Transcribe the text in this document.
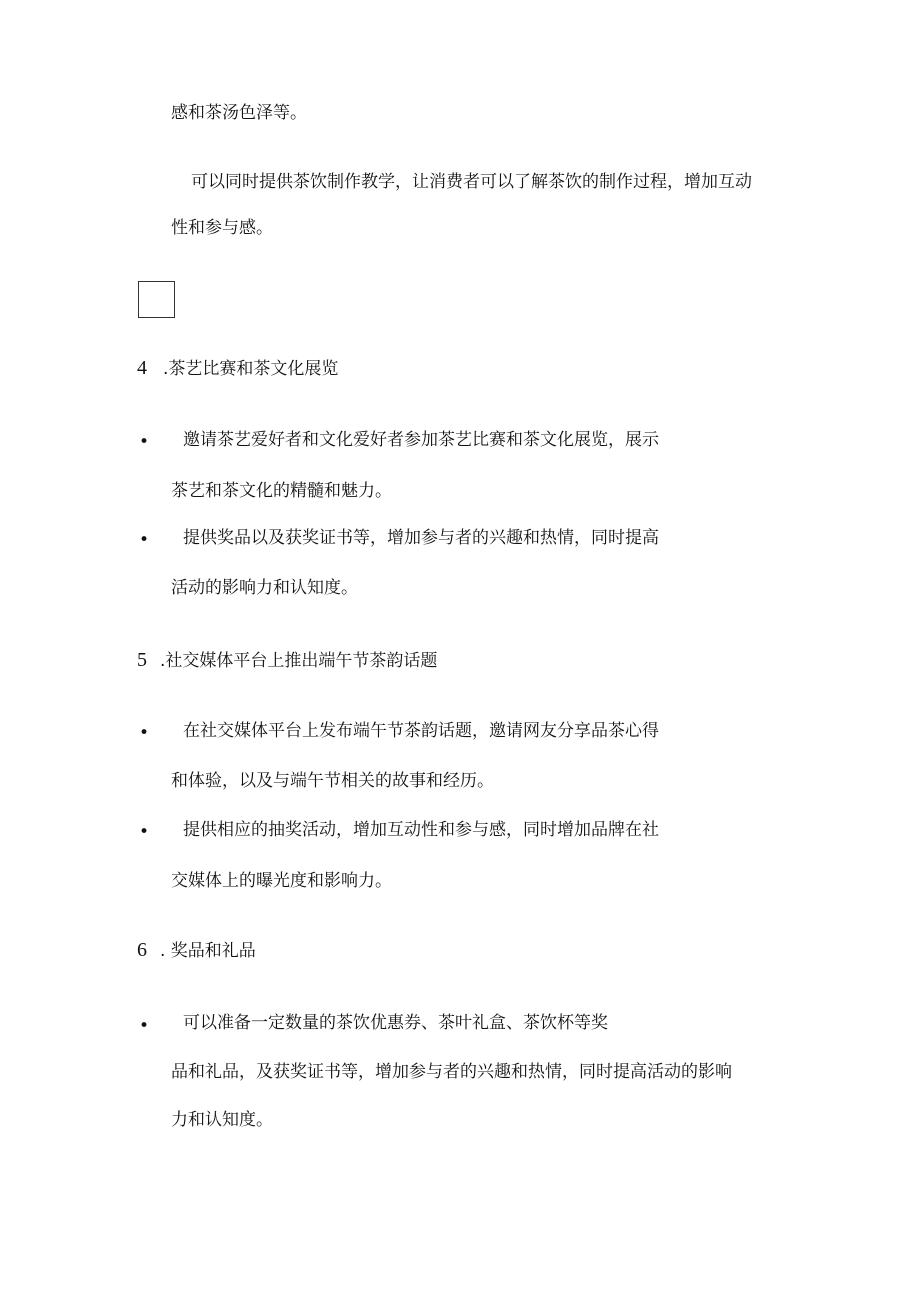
感和茶汤色泽等。
可以同时提供茶饮制作教学，让消费者可以了解茶饮的制作过程，增加互动
性和参与感。
4 .茶艺比赛和茶文化展览
• 邀请茶艺爱好者和文化爱好者参加茶艺比赛和茶文化展览，展示
茶艺和茶文化的精髓和魅力。
• 提供奖品以及获奖证书等，增加参与者的兴趣和热情，同时提高
活动的影响力和认知度。
5 .社交媒体平台上推出端午节茶韵话题
• 在社交媒体平台上发布端午节茶韵话题，邀请网友分享品茶心得
和体验，以及与端午节相关的故事和经历。
• 提供相应的抽奖活动，增加互动性和参与感，同时增加品牌在社
交媒体上的曝光度和影响力。
6 . 奖品和礼品
• 可以准备一定数量的茶饮优惠券、茶叶礼盒、茶饮杯等奖
品和礼品，及获奖证书等，增加参与者的兴趣和热情，同时提高活动的影响
力和认知度。
